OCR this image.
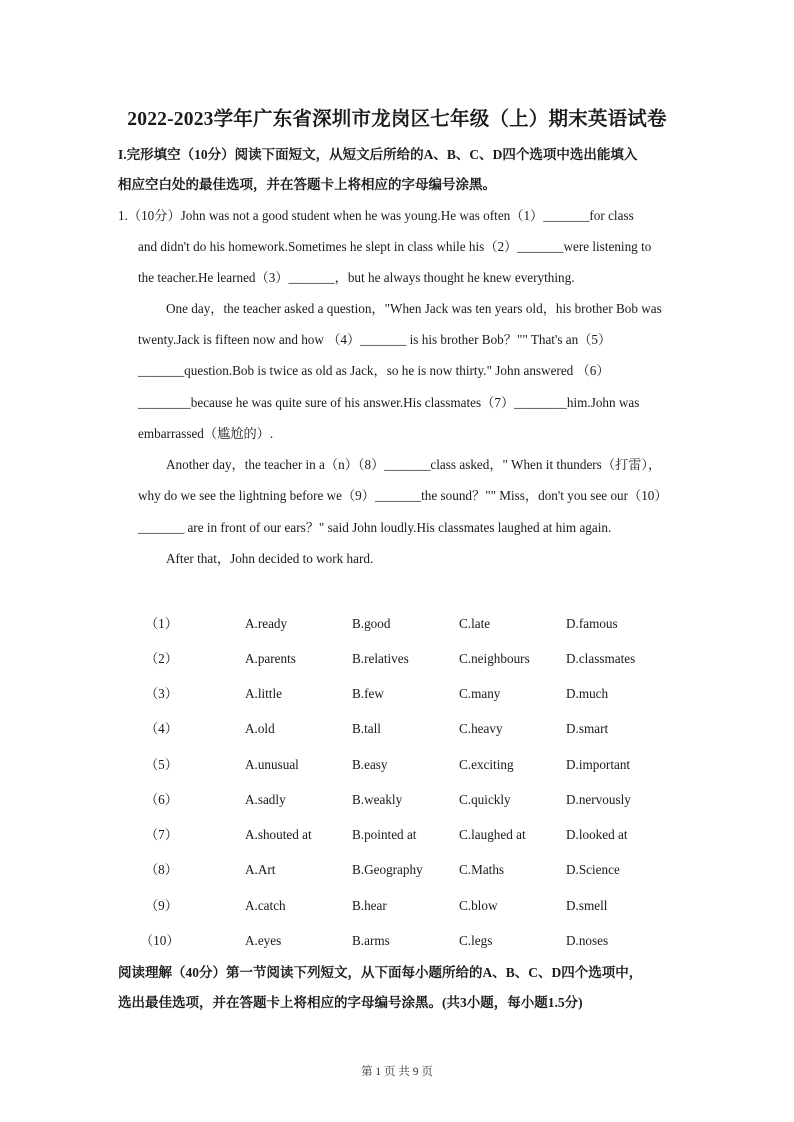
2022-2023学年广东省深圳市龙岗区七年级（上）期末英语试卷
I.完形填空（10分）阅读下面短文，从短文后所给的A、B、C、D四个选项中选出能填入
相应空白处的最佳选项，并在答题卡上将相应的字母编号涂黑。
1.（10分）John was not a good student when he was young.He was often（1）_______for class
and didn't do his homework.Sometimes he slept in class while his（2）_______were listening to
the teacher.He learned（3）_______，but he always thought he knew everything.
One day，the teacher asked a question，"When Jack was ten years old，his brother Bob was
twenty.Jack is fifteen now and how （4）_______ is his brother Bob？"" That's an（5）
_______question.Bob is twice as old as Jack，so he is now thirty." John answered （6）
________because he was quite sure of his answer.His classmates（7）________him.John was
embarrassed（尴尬的）.
Another day，the teacher in a（n）（8）_______class asked，" When it thunders（打雷），
why do we see the lightning before we（9）_______the sound？"" Miss，don't you see our（10）
_______ are in front of our ears？" said John loudly.His classmates laughed at him again.
After that，John decided to work hard.
（1）	A.ready	B.good	C.late	D.famous
（2）	A.parents	B.relatives	C.neighbours	D.classmates
（3）	A.little	B.few	C.many	D.much
（4）	A.old	B.tall	C.heavy	D.smart
（5）	A.unusual	B.easy	C.exciting	D.important
（6）	A.sadly	B.weakly	C.quickly	D.nervously
（7）	A.shouted at	B.pointed at	C.laughed at	D.looked at
（8）	A.Art	B.Geography	C.Maths	D.Science
（9）	A.catch	B.hear	C.blow	D.smell
（10）	A.eyes	B.arms	C.legs	D.noses
阅读理解（40分）第一节阅读下列短文，从下面每小题所给的A、B、C、D四个选项中，
选出最佳选项，并在答题卡上将相应的字母编号涂黑。(共3小题，每小题1.5分)
第 1 页 共 9 页
